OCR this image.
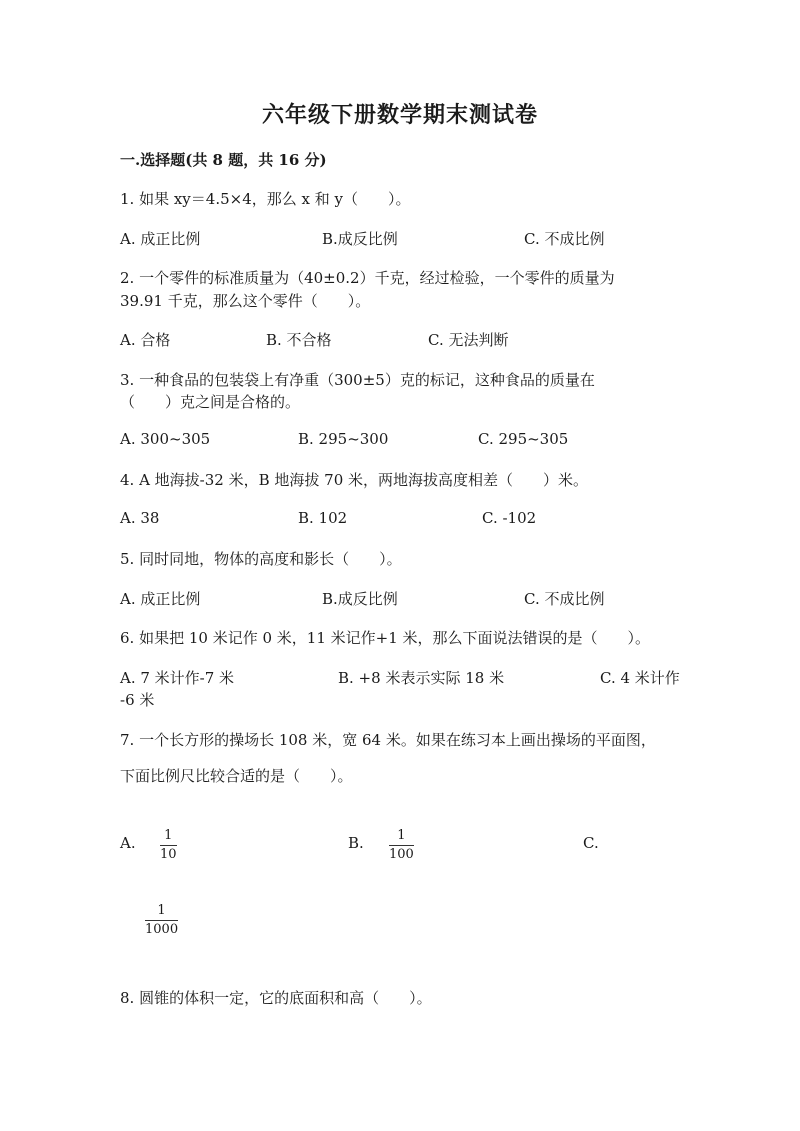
六年级下册数学期末测试卷
一.选择题(共 8 题，共 16 分)
1. 如果 xy＝4.5×4，那么 x 和 y（　　）。
A. 成正比例	B.成反比例	C. 不成比例
2. 一个零件的标准质量为（40±0.2）千克，经过检验，一个零件的质量为
39.91 千克，那么这个零件（　　）。
A. 合格	B. 不合格	C. 无法判断
3. 一种食品的包装袋上有净重（300±5）克的标记，这种食品的质量在
（　　）克之间是合格的。
A. 300~305	B. 295~300	C. 295~305
4. A 地海拔-32 米，B 地海拔 70 米，两地海拔高度相差（　　）米。
A. 38	B. 102	C. -102
5. 同时同地，物体的高度和影长（　　）。
A. 成正比例	B.成反比例	C. 不成比例
6. 如果把 10 米记作 0 米，11 米记作+1 米，那么下面说法错误的是（　　）。
A. 7 米计作-7 米	B. +8 米表示实际 18 米	C. 4 米计作
-6 米
7. 一个长方形的操场长 108 米，宽 64 米。如果在练习本上画出操场的平面图，
下面比例尺比较合适的是（　　）。
A. 1
10
B.	1
100
C.
1
1000
8. 圆锥的体积一定，它的底面积和高（　　）。
